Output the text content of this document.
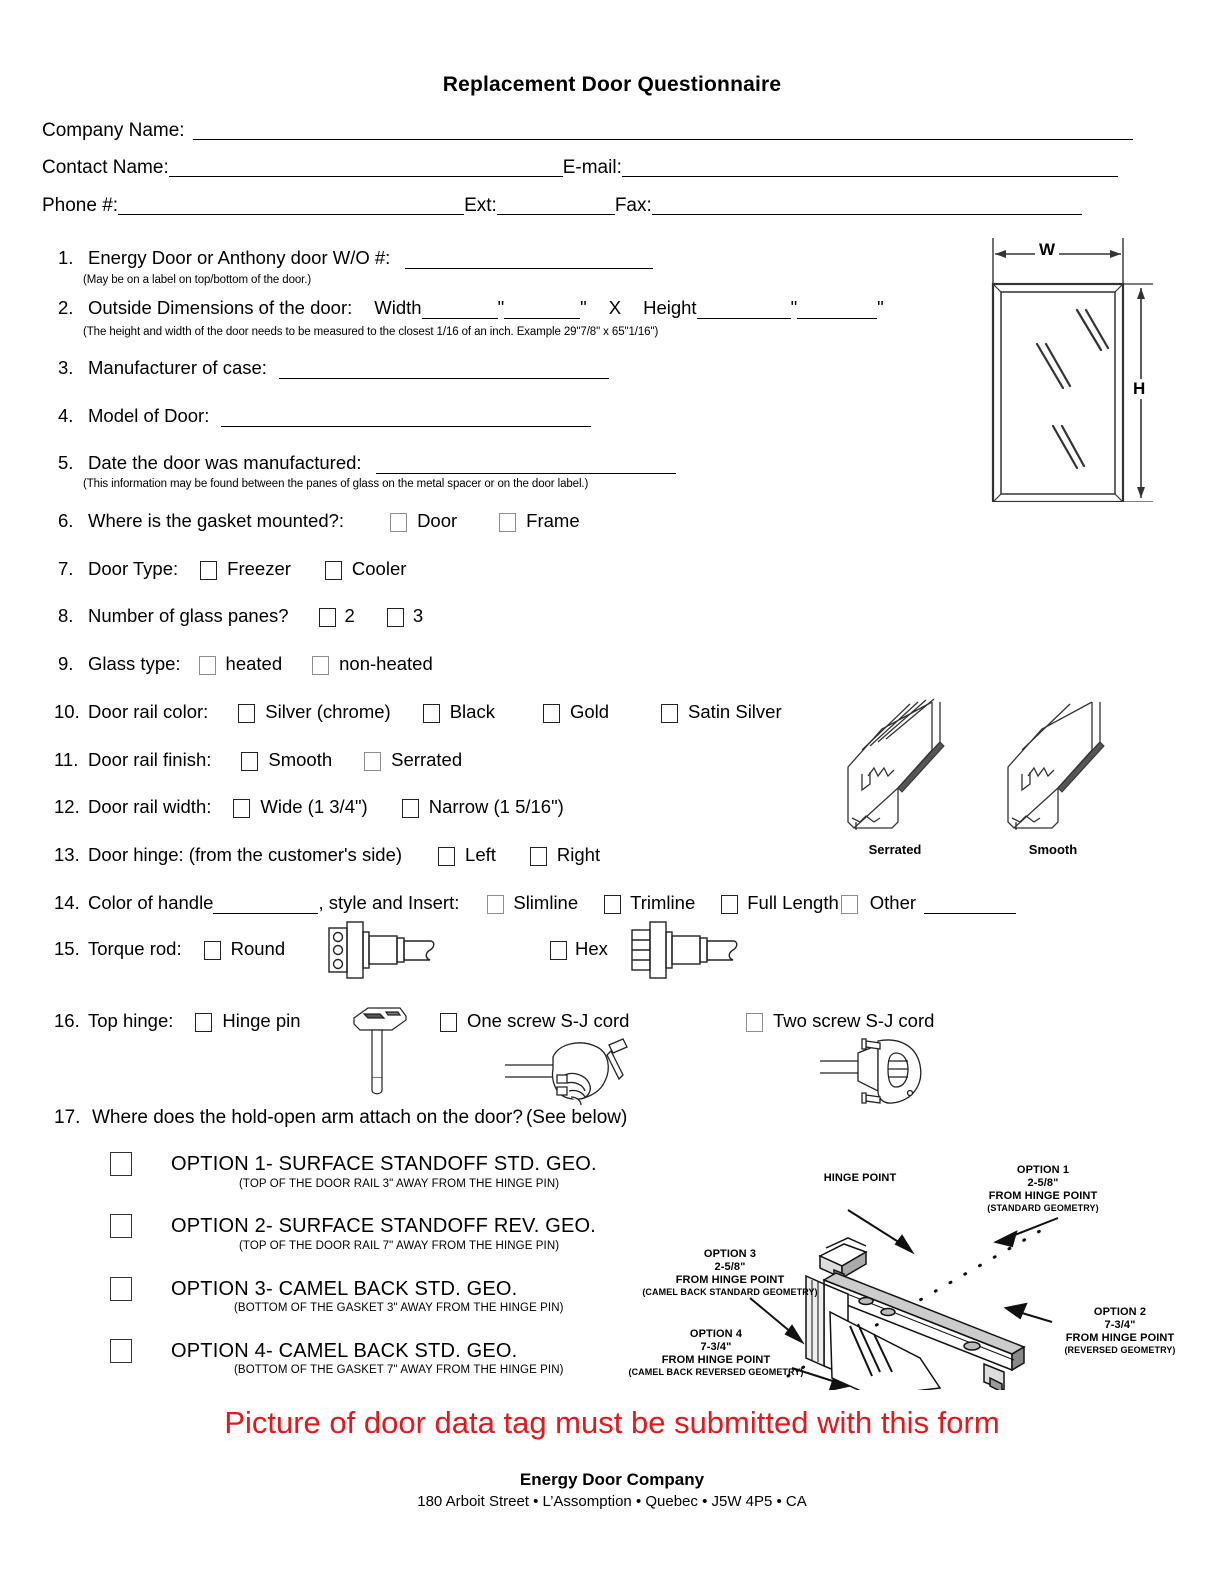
Replacement Door Questionnaire
Company Name:
Contact Name:	E-mail:
Phone #:	Ext:	Fax:
1. Energy Door or Anthony door W/O #:
(May be on a label on top/bottom of the door.)
2. Outside Dimensions of the door: Width	"	" X Height	"	"
(The height and width of the door needs to be measured to the closest 1/16 of an inch. Example 29"7/8" x 65"1/16")
3. Manufacturer of case:
4. Model of Door:
5. Date the door was manufactured:
(This information may be found between the panes of glass on the metal spacer or on the door label.)
6. Where is the gasket mounted?:	Door	Frame
7. Door Type:	Freezer	Cooler
8. Number of glass panes?	2	3
9. Glass type: heated	non-heated
10. Door rail color:	Silver (chrome)	Black	Gold	Satin Silver
11. Door rail finish:	Smooth	Serrated
12. Door rail width:	Wide (1 3/4")	Narrow (1 5/16")
13. Door hinge: (from the customer's side)	Left	Right
14. Color of handle	, style and Insert:	Slimline	Trimline	Full Length Other
15. Torque rod:	Round	Hex
16. Top hinge:	Hinge pin	One screw S-J cord	Two screw S-J cord
17. Where does the hold-open arm attach on the door? (See below)
OPTION 1- SURFACE STANDOFF STD. GEO.
(TOP OF THE DOOR RAIL 3" AWAY FROM THE HINGE PIN)
OPTION 2- SURFACE STANDOFF REV. GEO.
(TOP OF THE DOOR RAIL 7" AWAY FROM THE HINGE PIN)
OPTION 3- CAMEL BACK STD. GEO.
(BOTTOM OF THE GASKET 3" AWAY FROM THE HINGE PIN)
OPTION 4- CAMEL BACK STD. GEO.
(BOTTOM OF THE GASKET 7" AWAY FROM THE HINGE PIN)
W
H
Serrated	Smooth
HINGE POINT
OPTION 1
2-5/8"
FROM HINGE POINT
(STANDARD GEOMETRY)
OPTION 2
7-3/4"
FROM HINGE POINT
(REVERSED GEOMETRY)
OPTION 3
2-5/8"
FROM HINGE POINT
(CAMEL BACK STANDARD GEOMETRY)
OPTION 4
7-3/4"
FROM HINGE POINT
(CAMEL BACK REVERSED GEOMETRY)
Picture of door data tag must be submitted with this form
Energy Door Company
180 Arboit Street • L’Assomption • Quebec • J5W 4P5 • CA
